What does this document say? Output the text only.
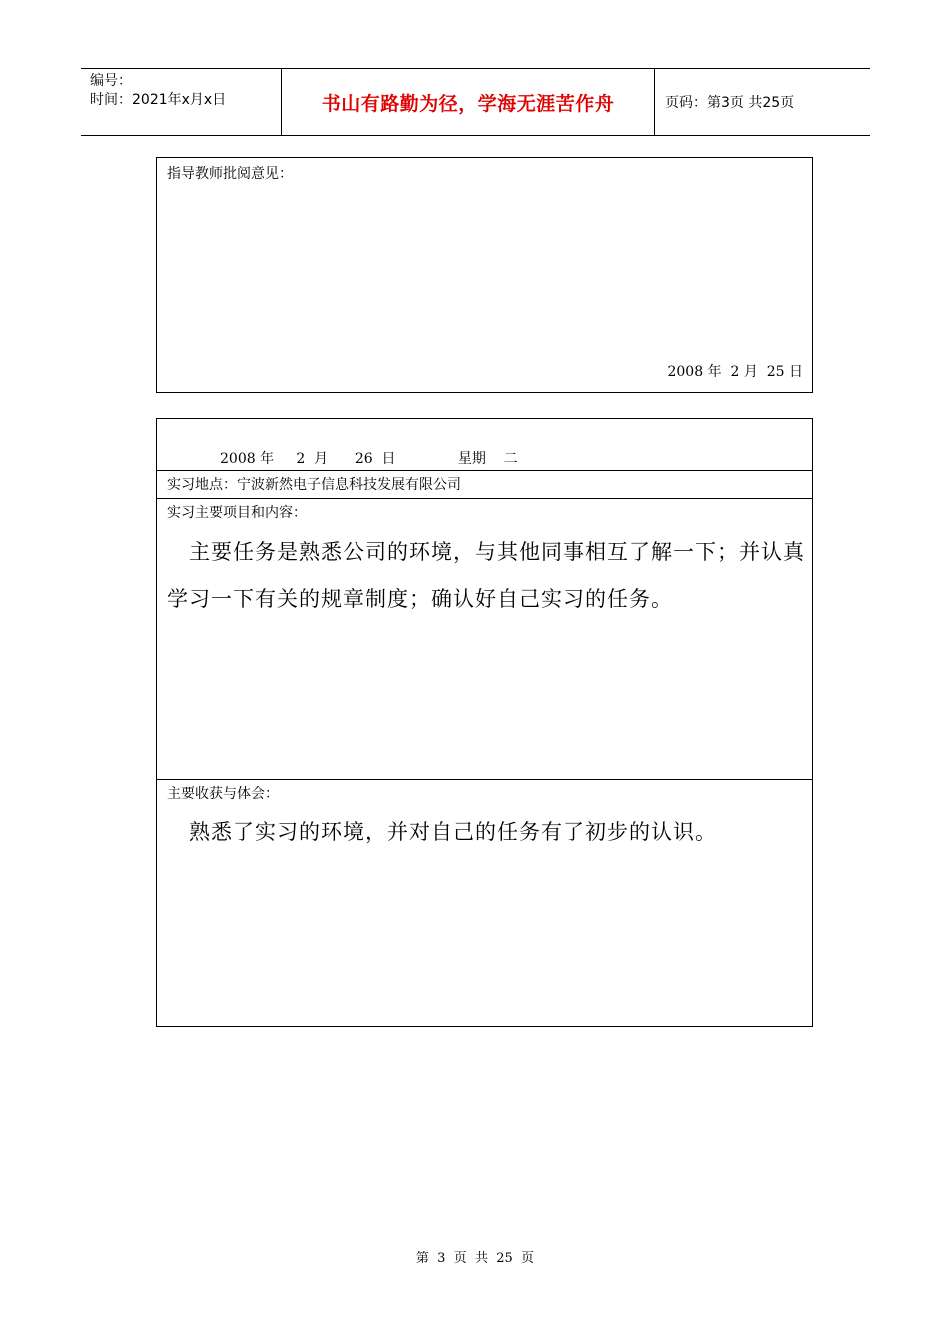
编号：
时间：2021年x月x日	书山有路勤为径，学海无涯苦作舟	页码：第3页 共25页
指导教师批阅意见：
2008 年  2 月  25 日
2008 年     2  月      26  日              星期    二
实习地点：宁波新然电子信息科技发展有限公司
实习主要项目和内容：
　主要任务是熟悉公司的环境，与其他同事相互了解一下；并认真学习一下有关的规章制度；确认好自己实习的任务。
主要收获与体会：
　熟悉了实习的环境，并对自己的任务有了初步的认识。
第  3  页  共  25  页
